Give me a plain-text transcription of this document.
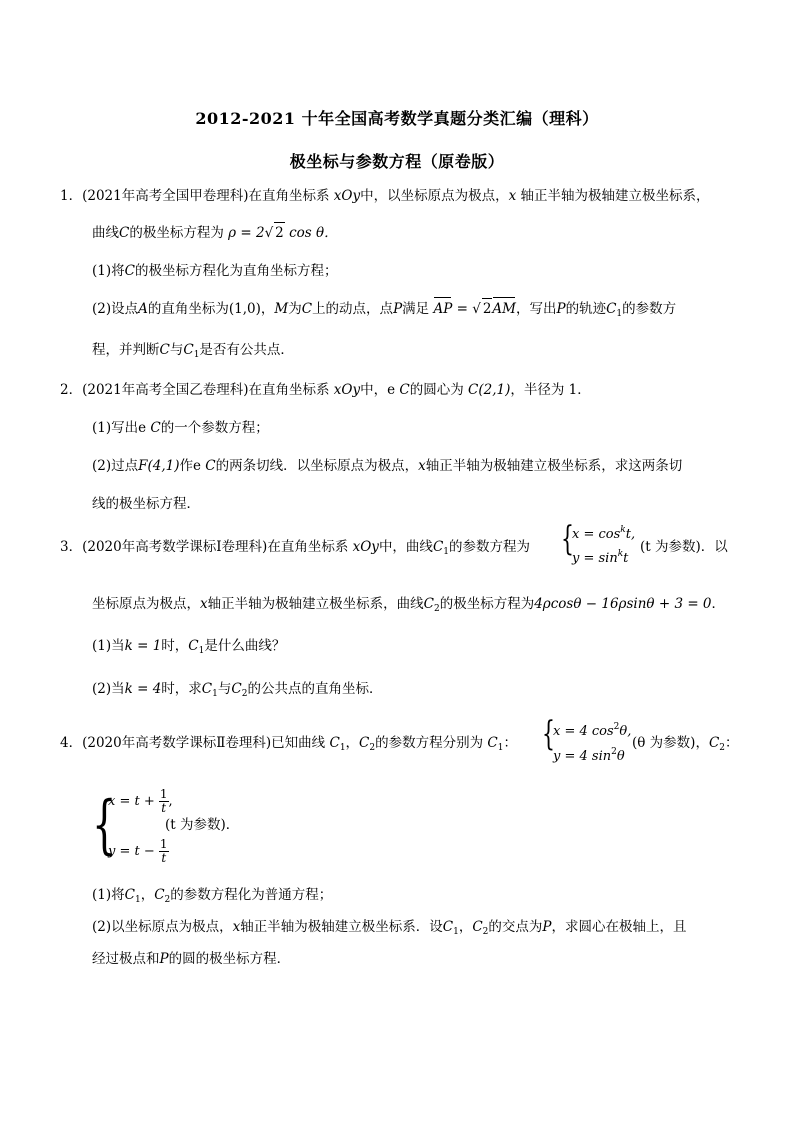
2012-2021 十年全国高考数学真题分类汇编（理科）
极坐标与参数方程（原卷版）
1．(2021年高考全国甲卷理科)在直角坐标系 xOy中，以坐标原点为极点，x 轴正半轴为极轴建立极坐标系，
曲线C的极坐标方程为 ρ = 2√ 2 cos θ．
(1)将C的极坐标方程化为直角坐标方程；
(2)设点A的直角坐标为(1,0)，M为C上的动点，点P满足 AP = √ 2AM，写出P的轨迹$C_1$的参数方
程，并判断C与$C_1$是否有公共点．
2．(2021年高考全国乙卷理科)在直角坐标系 xOy中，e C的圆心为 C(2,1)，半径为 1．
(1)写出e C的一个参数方程；
(2)过点F(4,1)作e C的两条切线．以坐标原点为极点，x轴正半轴为极轴建立极坐标系，求这两条切
线的极坐标方程．
3．(2020年高考数学课标Ⅰ卷理科)在直角坐标系 xOy中，曲线$C_1$的参数方程为 {
$x = \cos^kt$,
$y = \sin^kt$
(t 为参数)．以
坐标原点为极点，x轴正半轴为极轴建立极坐标系，曲线$C_2$的极坐标方程为4ρcosθ − 16ρsinθ + 3 = 0．
(1)当k = 1时，$C_1$是什么曲线？
(2)当k = 4时，求$C_1$与$C_2$的公共点的直角坐标．
4．(2020年高考数学课标Ⅱ卷理科)已知曲线 $C_1$，$C_2$的参数方程分别为 $C_1$： {
x = 4 $\cos^2\theta$,
y = 4 $\sin^2\theta$
(θ 为参数)，$C_2$：
{
$x = t + \frac{1}{t}$ ,
$y = t - \frac{1}{t}$
(t 为参数)．
(1)将$C_1$，$C_2$的参数方程化为普通方程；
(2)以坐标原点为极点，x轴正半轴为极轴建立极坐标系．设$C_1$，$C_2$的交点为P，求圆心在极轴上，且
经过极点和P的圆的极坐标方程．
